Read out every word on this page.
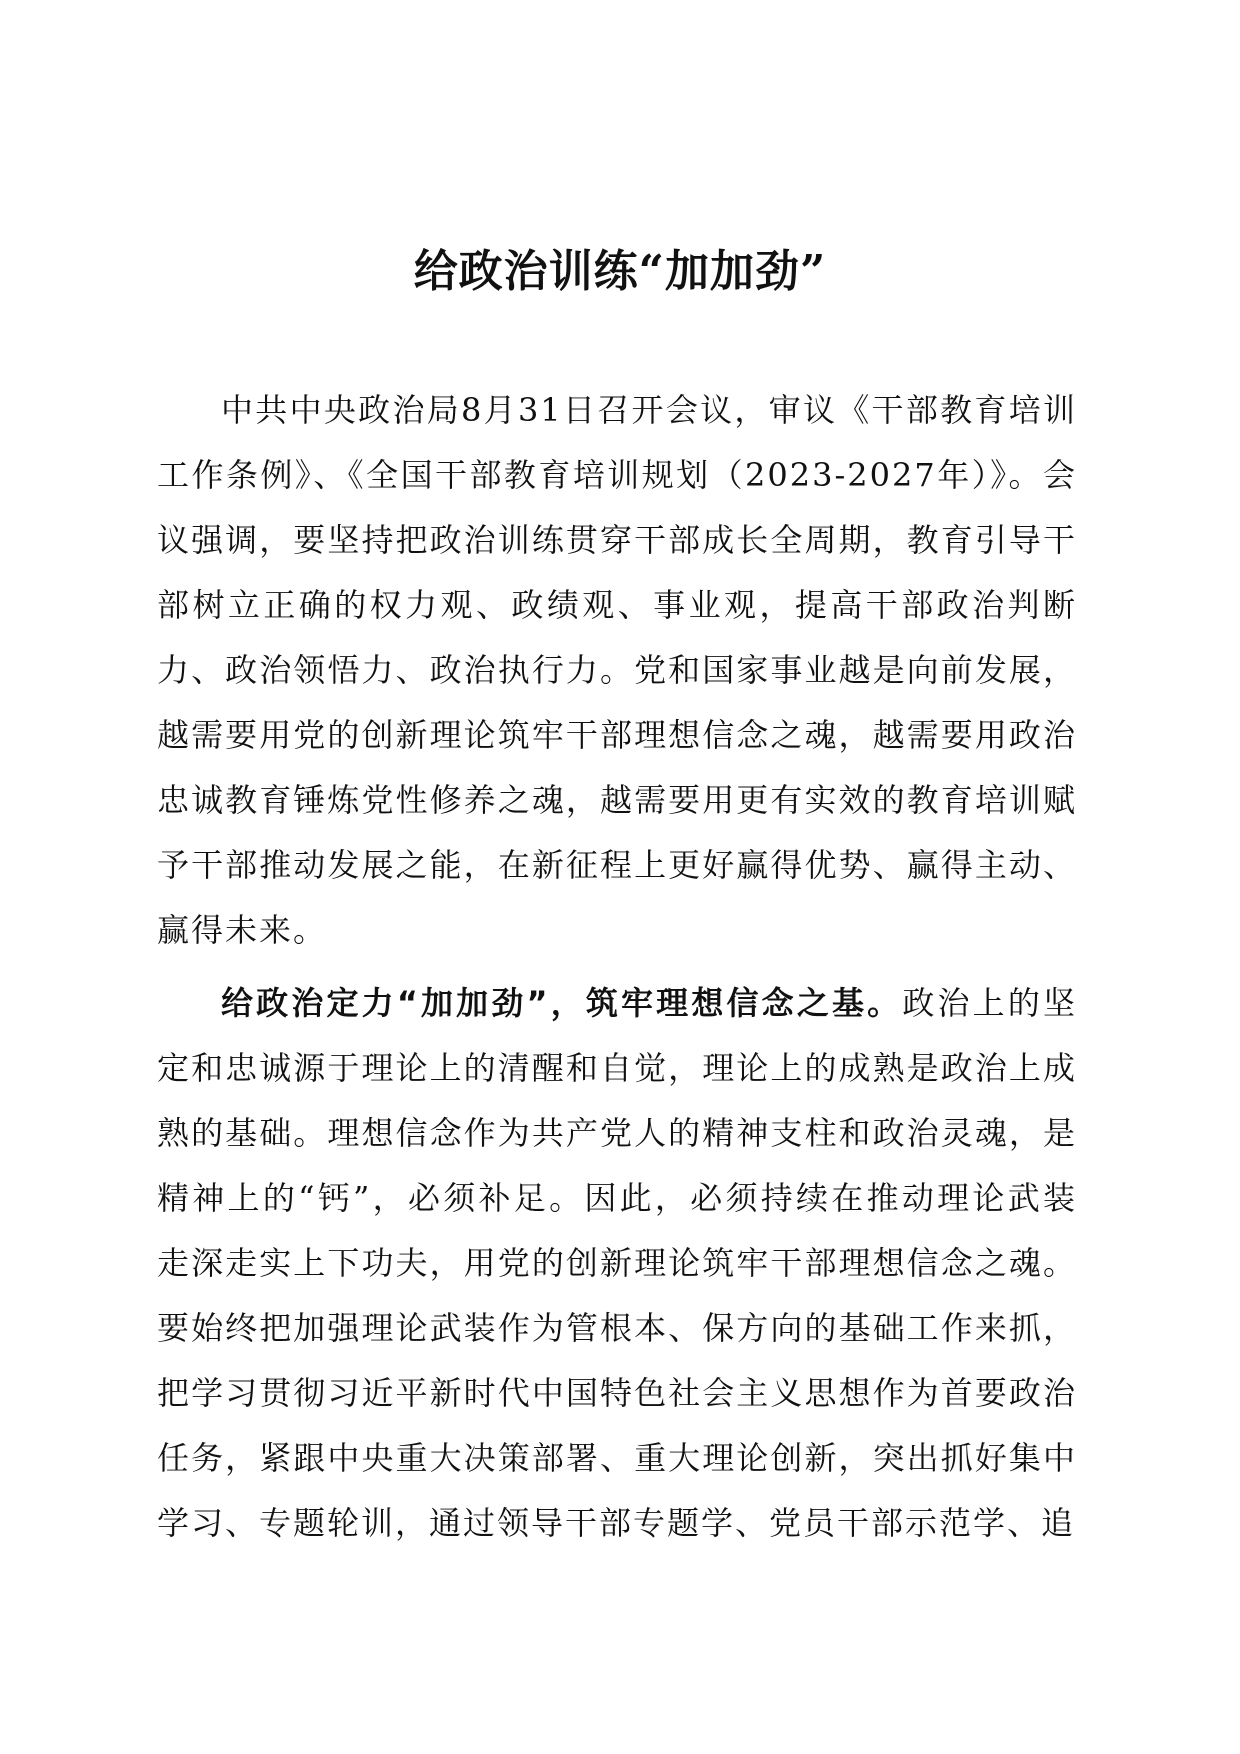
给政治训练“加加劲”

中共中央政治局8月31日召开会议，审议《干部教育培训工作条例》、《全国干部教育培训规划（2023-2027年）》。会议强调，要坚持把政治训练贯穿干部成长全周期，教育引导干部树立正确的权力观、政绩观、事业观，提高干部政治判断力、政治领悟力、政治执行力。党和国家事业越是向前发展，越需要用党的创新理论筑牢干部理想信念之魂，越需要用政治忠诚教育锤炼党性修养之魂，越需要用更有实效的教育培训赋予干部推动发展之能，在新征程上更好赢得优势、赢得主动、赢得未来。

给政治定力“加加劲”，筑牢理想信念之基。政治上的坚定和忠诚源于理论上的清醒和自觉，理论上的成熟是政治上成熟的基础。理想信念作为共产党人的精神支柱和政治灵魂，是精神上的“钙”，必须补足。因此，必须持续在推动理论武装走深走实上下功夫，用党的创新理论筑牢干部理想信念之魂。要始终把加强理论武装作为管根本、保方向的基础工作来抓，把学习贯彻习近平新时代中国特色社会主义思想作为首要政治任务，紧跟中央重大决策部署、重大理论创新，突出抓好集中学习、专题轮训，通过领导干部专题学、党员干部示范学、追
